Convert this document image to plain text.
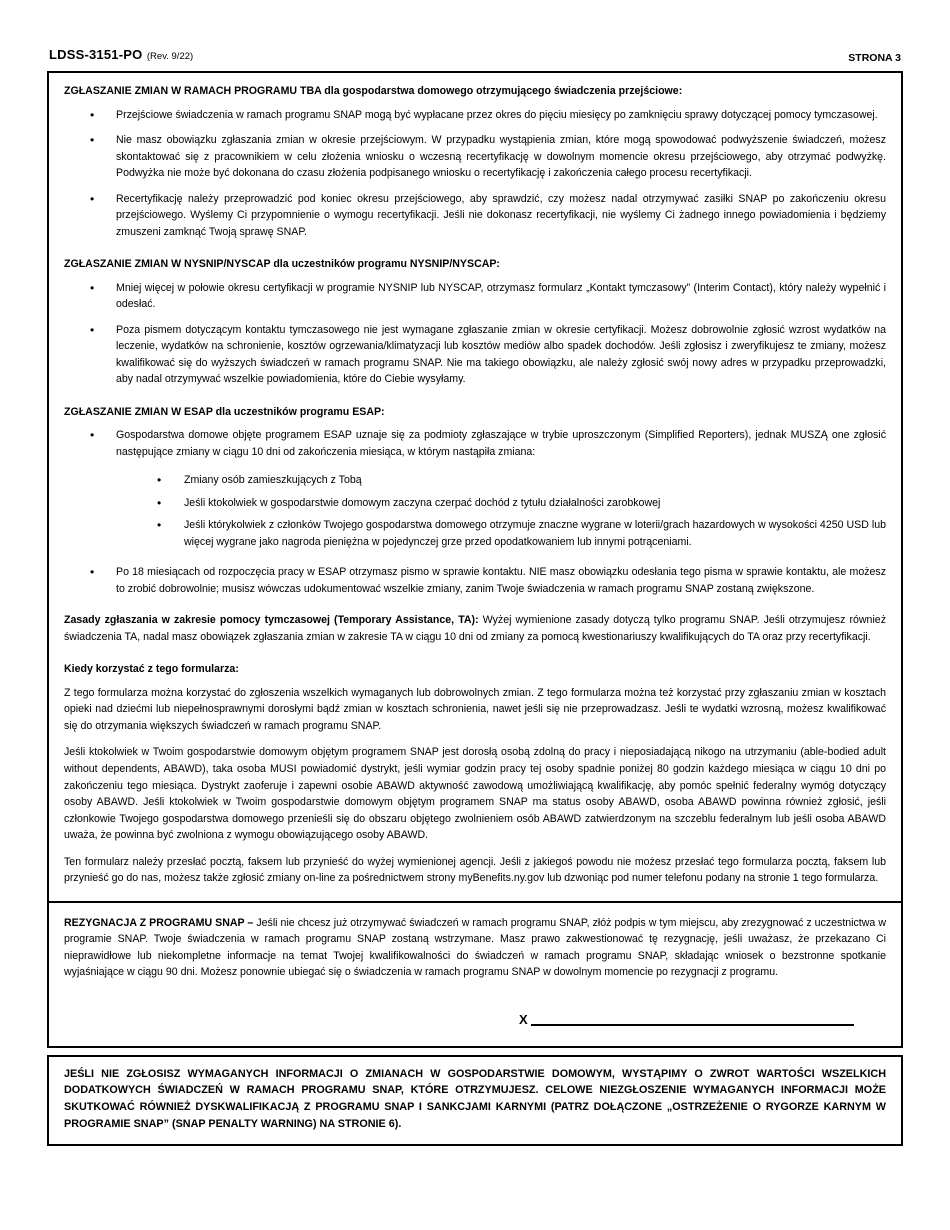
LDSS-3151-PO (Rev. 9/22)	STRONA 3

ZGŁASZANIE ZMIAN W RAMACH PROGRAMU TBA dla gospodarstwa domowego otrzymującego świadczenia przejściowe:

• Przejściowe świadczenia w ramach programu SNAP mogą być wypłacane przez okres do pięciu miesięcy po zamknięciu sprawy dotyczącej pomocy tymczasowej.
• Nie masz obowiązku zgłaszania zmian w okresie przejściowym. W przypadku wystąpienia zmian, które mogą spowodować podwyższenie świadczeń, możesz skontaktować się z pracownikiem w celu złożenia wniosku o wczesną recertyfikację w dowolnym momencie okresu przejściowego, aby otrzymać podwyżkę. Podwyżka nie może być dokonana do czasu złożenia podpisanego wniosku o recertyfikację i zakończenia całego procesu recertyfikacji.
• Recertyfikację należy przeprowadzić pod koniec okresu przejściowego, aby sprawdzić, czy możesz nadal otrzymywać zasiłki SNAP po zakończeniu okresu przejściowego. Wyślemy Ci przypomnienie o wymogu recertyfikacji. Jeśli nie dokonasz recertyfikacji, nie wyślemy Ci żadnego innego powiadomienia i będziemy zmuszeni zamknąć Twoją sprawę SNAP.

ZGŁASZANIE ZMIAN W NYSNIP/NYSCAP dla uczestników programu NYSNIP/NYSCAP:

• Mniej więcej w połowie okresu certyfikacji w programie NYSNIP lub NYSCAP, otrzymasz formularz „Kontakt tymczasowy” (Interim Contact), który należy wypełnić i odesłać.
• Poza pismem dotyczącym kontaktu tymczasowego nie jest wymagane zgłaszanie zmian w okresie certyfikacji. Możesz dobrowolnie zgłosić wzrost wydatków na leczenie, wydatków na schronienie, kosztów ogrzewania/klimatyzacji lub kosztów mediów albo spadek dochodów. Jeśli zgłosisz i zweryfikujesz te zmiany, możesz kwalifikować się do wyższych świadczeń w ramach programu SNAP. Nie ma takiego obowiązku, ale należy zgłosić swój nowy adres w przypadku przeprowadzki, aby nadal otrzymywać wszelkie powiadomienia, które do Ciebie wysyłamy.

ZGŁASZANIE ZMIAN W ESAP dla uczestników programu ESAP:

• Gospodarstwa domowe objęte programem ESAP uznaje się za podmioty zgłaszające w trybie uproszczonym (Simplified Reporters), jednak MUSZĄ one zgłosić następujące zmiany w ciągu 10 dni od zakończenia miesiąca, w którym nastąpiła zmiana:
• Zmiany osób zamieszkujących z Tobą
• Jeśli ktokolwiek w gospodarstwie domowym zaczyna czerpać dochód z tytułu działalności zarobkowej
• Jeśli którykolwiek z członków Twojego gospodarstwa domowego otrzymuje znaczne wygrane w loterii/grach hazardowych w wysokości 4250 USD lub więcej wygrane jako nagroda pieniężna w pojedynczej grze przed opodatkowaniem lub innymi potrąceniami.
• Po 18 miesiącach od rozpoczęcia pracy w ESAP otrzymasz pismo w sprawie kontaktu. NIE masz obowiązku odesłania tego pisma w sprawie kontaktu, ale możesz to zrobić dobrowolnie; musisz wówczas udokumentować wszelkie zmiany, zanim Twoje świadczenia w ramach programu SNAP zostaną zwiększone.

Zasady zgłaszania w zakresie pomocy tymczasowej (Temporary Assistance, TA): Wyżej wymienione zasady dotyczą tylko programu SNAP. Jeśli otrzymujesz również świadczenia TA, nadal masz obowiązek zgłaszania zmian w zakresie TA w ciągu 10 dni od zmiany za pomocą kwestionariuszy kwalifikujących do TA oraz przy recertyfikacji.

Kiedy korzystać z tego formularza:

Z tego formularza można korzystać do zgłoszenia wszelkich wymaganych lub dobrowolnych zmian. Z tego formularza można też korzystać przy zgłaszaniu zmian w kosztach opieki nad dziećmi lub niepełnosprawnymi dorosłymi bądź zmian w kosztach schronienia, nawet jeśli się nie przeprowadzasz. Jeśli te wydatki wzrosną, możesz kwalifikować się do otrzymania większych świadczeń w ramach programu SNAP.

Jeśli ktokolwiek w Twoim gospodarstwie domowym objętym programem SNAP jest dorosłą osobą zdolną do pracy i nieposiadającą nikogo na utrzymaniu (able-bodied adult without dependents, ABAWD), taka osoba MUSI powiadomić dystrykt, jeśli wymiar godzin pracy tej osoby spadnie poniżej 80 godzin każdego miesiąca w ciągu 10 dni po zakończeniu tego miesiąca. Dystrykt zaoferuje i zapewni osobie ABAWD aktywność zawodową umożliwiającą kwalifikację, aby pomóc spełnić federalny wymóg dotyczący osoby ABAWD. Jeśli ktokolwiek w Twoim gospodarstwie domowym objętym programem SNAP ma status osoby ABAWD, osoba ABAWD powinna również zgłosić, jeśli członkowie Twojego gospodarstwa domowego przenieśli się do obszaru objętego zwolnieniem osób ABAWD zatwierdzonym na szczeblu federalnym lub jeśli osoba ABAWD uważa, że powinna być zwolniona z wymogu obowiązującego osoby ABAWD.

Ten formularz należy przesłać pocztą, faksem lub przynieść do wyżej wymienionej agencji. Jeśli z jakiegoś powodu nie możesz przesłać tego formularza pocztą, faksem lub przynieść go do nas, możesz także zgłosić zmiany on-line za pośrednictwem strony myBenefits.ny.gov lub dzwoniąc pod numer telefonu podany na stronie 1 tego formularza.

REZYGNACJA Z PROGRAMU SNAP – Jeśli nie chcesz już otrzymywać świadczeń w ramach programu SNAP, złóż podpis w tym miejscu, aby zrezygnować z uczestnictwa w programie SNAP. Twoje świadczenia w ramach programu SNAP zostaną wstrzymane. Masz prawo zakwestionować tę rezygnację, jeśli uważasz, że przekazano Ci nieprawidłowe lub niekompletne informacje na temat Twojej kwalifikowalności do świadczeń w ramach programu SNAP, składając wniosek o bezstronne spotkanie wyjaśniające w ciągu 90 dni. Możesz ponownie ubiegać się o świadczenia w ramach programu SNAP w dowolnym momencie po rezygnacji z programu.

X
JEŚLI NIE ZGŁOSISZ WYMAGANYCH INFORMACJI O ZMIANACH W GOSPODARSTWIE DOMOWYM, WYSTĄPIMY O ZWROT WARTOŚCI WSZELKICH DODATKOWYCH ŚWIADCZEŃ W RAMACH PROGRAMU SNAP, KTÓRE OTRZYMUJESZ. CELOWE NIEZGŁOSZENIE WYMAGANYCH INFORMACJI MOŻE SKUTKOWAĆ RÓWNIEŻ DYSKWALIFIKACJĄ Z PROGRAMU SNAP I SANKCJAMI KARNYMI (PATRZ DOŁĄCZONE „OSTRZEŻENIE O RYGORZE KARNYM W PROGRAMIE SNAP” (SNAP PENALTY WARNING) NA STRONIE 6).
